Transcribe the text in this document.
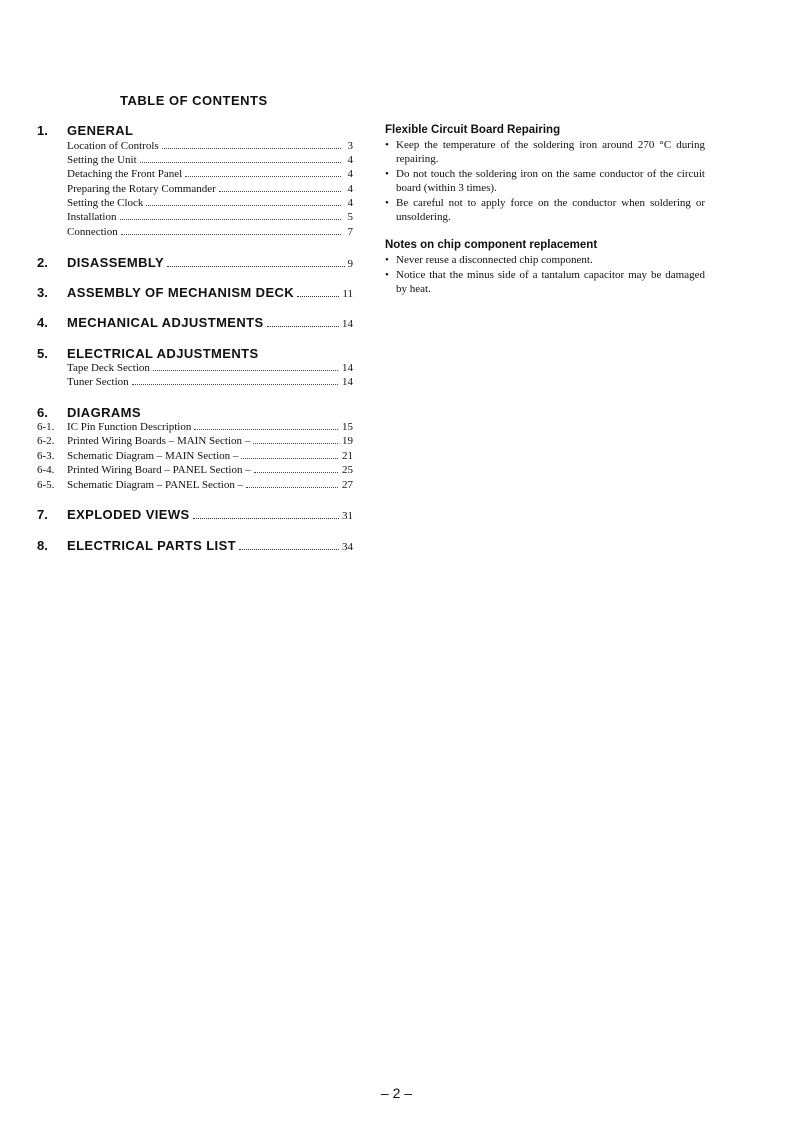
TABLE OF CONTENTS
1.	GENERAL
Location of Controls	3
Setting the Unit	4
Detaching the Front Panel	4
Preparing the Rotary Commander	4
Setting the Clock	4
Installation	5
Connection	7
2.	DISASSEMBLY	9
3.	ASSEMBLY OF MECHANISM DECK	11
4.	MECHANICAL ADJUSTMENTS	14
5.	ELECTRICAL ADJUSTMENTS
Tape Deck Section	14
Tuner Section	14
6.	DIAGRAMS
6-1.	IC Pin Function Description	15
6-2.	Printed Wiring Boards – MAIN Section –	19
6-3.	Schematic Diagram – MAIN Section –	21
6-4.	Printed Wiring Board – PANEL Section –	25
6-5.	Schematic Diagram – PANEL Section –	27
7.	EXPLODED VIEWS	31
8.	ELECTRICAL PARTS LIST	34
Flexible Circuit Board Repairing
• Keep the temperature of the soldering iron around 270 °C during repairing.
• Do not touch the soldering iron on the same conductor of the circuit board (within 3 times).
• Be careful not to apply force on the conductor when soldering or unsoldering.
Notes on chip component replacement
• Never reuse a disconnected chip component.
• Notice that the minus side of a tantalum capacitor may be damaged by heat.
– 2 –
